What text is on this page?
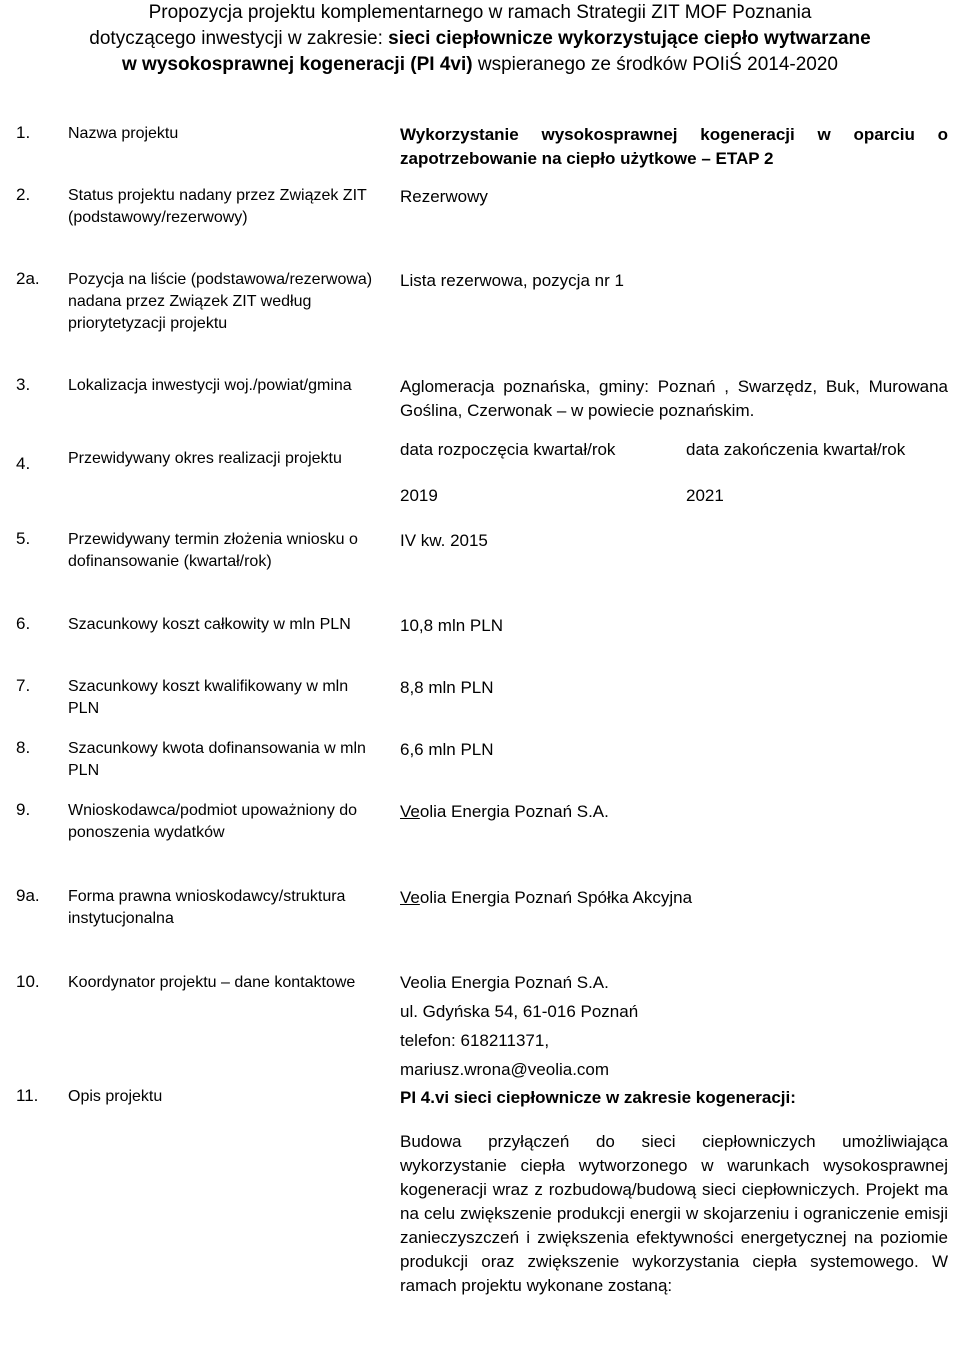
Propozycja projektu komplementarnego w ramach Strategii ZIT MOF Poznania
dotyczącego inwestycji w zakresie: sieci ciepłownicze wykorzystujące ciepło wytwarzane
w wysokosprawnej kogeneracji (PI 4vi) wspieranego ze środków POIiŚ 2014-2020
1.	Nazwa projektu	Wykorzystanie wysokosprawnej kogeneracji w oparciu o zapotrzebowanie na ciepło użytkowe – ETAP 2
2.	Status projektu nadany przez Związek ZIT (podstawowy/rezerwowy)	Rezerwowy
2a.	Pozycja na liście (podstawowa/rezerwowa) nadana przez Związek ZIT według priorytetyzacji projektu	Lista rezerwowa, pozycja nr 1
3.	Lokalizacja inwestycji woj./powiat/gmina	Aglomeracja poznańska, gminy: Poznań , Swarzędz, Buk, Murowana Goślina, Czerwonak – w powiecie poznańskim.
4.	Przewidywany okres realizacji projektu	data rozpoczęcia kwartał/rok data zakończenia kwartał/rok
2019 2021

5.	Przewidywany termin złożenia wniosku o dofinansowanie (kwartał/rok)	IV kw. 2015
6.	Szacunkowy koszt całkowity w mln PLN	10,8 mln PLN
7.	Szacunkowy koszt kwalifikowany w mln PLN	8,8 mln PLN
8.	Szacunkowy kwota dofinansowania w mln PLN	6,6 mln PLN
9.	Wnioskodawca/podmiot upoważniony do ponoszenia wydatków	Veolia Energia Poznań S.A.
9a.	Forma prawna wnioskodawcy/struktura instytucjonalna	Veolia Energia Poznań Spółka Akcyjna
10.	Koordynator projektu – dane kontaktowe	Veolia Energia Poznań S.A.

ul. Gdyńska 54, 61-016 Poznań

telefon: 618211371,

mariusz.wrona@veolia.com

11.	Opis projektu	PI 4.vi sieci ciepłownicze w zakresie kogeneracji:

Budowa przyłączeń do sieci ciepłowniczych umożliwiająca wykorzystanie ciepła wytworzonego w warunkach wysokosprawnej kogeneracji wraz z rozbudową/budową sieci ciepłowniczych. Projekt ma na celu zwiększenie produkcji energii w skojarzeniu i ograniczenie emisji zanieczyszczeń i zwiększenia efektywności energetycznej na poziomie produkcji oraz zwiększenie wykorzystania ciepła systemowego. W ramach projektu wykonane zostaną:
